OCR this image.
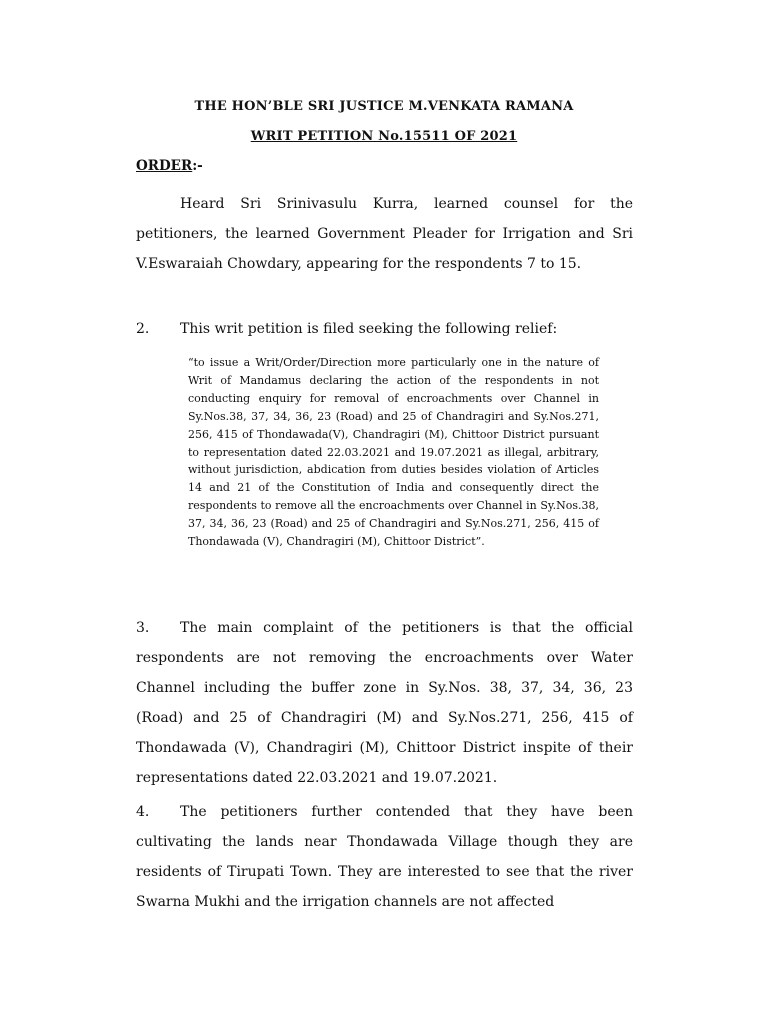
THE HON’BLE SRI JUSTICE M.VENKATA RAMANA
WRIT PETITION No.15511 OF 2021
ORDER:-
Heard Sri Srinivasulu Kurra, learned counsel for the petitioners, the learned Government Pleader for Irrigation and Sri V.Eswaraiah Chowdary, appearing for the respondents 7 to 15.
2. This writ petition is filed seeking the following relief:
“to issue a Writ/Order/Direction more particularly one in the nature of Writ of Mandamus declaring the action of the respondents in not conducting enquiry for removal of encroachments over Channel in Sy.Nos.38, 37, 34, 36, 23 (Road) and 25 of Chandragiri and Sy.Nos.271, 256, 415 of Thondawada(V), Chandragiri (M), Chittoor District pursuant to representation dated 22.03.2021 and 19.07.2021 as illegal, arbitrary, without jurisdiction, abdication from duties besides violation of Articles 14 and 21 of the Constitution of India and consequently direct the respondents to remove all the encroachments over Channel in Sy.Nos.38, 37, 34, 36, 23 (Road) and 25 of Chandragiri and Sy.Nos.271, 256, 415 of Thondawada (V), Chandragiri (M), Chittoor District”.
3. The main complaint of the petitioners is that the official respondents are not removing the encroachments over Water Channel including the buffer zone in Sy.Nos. 38, 37, 34, 36, 23 (Road) and 25 of Chandragiri (M) and Sy.Nos.271, 256, 415 of Thondawada (V), Chandragiri (M), Chittoor District inspite of their representations dated 22.03.2021 and 19.07.2021.
4. The petitioners further contended that they have been cultivating the lands near Thondawada Village though they are residents of Tirupati Town. They are interested to see that the river Swarna Mukhi and the irrigation channels are not affected
